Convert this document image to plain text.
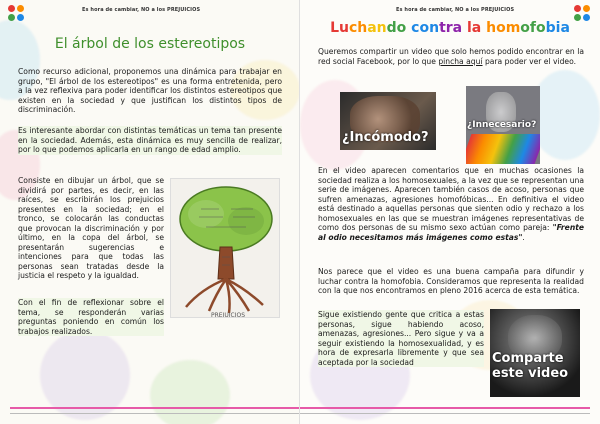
Es hora de cambiar, NO a los PREJUICIOS
El árbol de los estereotipos

Como recurso adicional, proponemos una dinámica para trabajar en grupo, "El árbol de los estereotipos" es una forma entretenida, pero a la vez reflexiva para poder identificar los distintos estereotipos que existen en la sociedad y que justifican los distintos tipos de discriminación.

Es interesante abordar con distintas temáticas un tema tan presente en la sociedad. Además, esta dinámica es muy sencilla de realizar, por lo que podemos aplicarla en un rango de edad amplio.

Consiste en dibujar un árbol, que se dividirá por partes, es decir, en las raíces, se escribirán los prejuicios presentes en la sociedad; en el tronco, se colocarán las conductas que provocan la discriminación y por último, en la copa del árbol, se presentarán sugerencias e intenciones para que todas las personas sean tratadas desde la justicia el respeto y la igualdad.

Con el fin de reflexionar sobre el tema, se responderán varias preguntas poniendo en común los trabajos realizados.

PREJUICIOS
Es hora de cambiar, NO a los PREJUICIOS
Luchando contra la homofobia

Queremos compartir un video que solo hemos podido encontrar en la red social Facebook, por lo que pincha aquí para poder ver el video.

¿Incómodo?
¿Innecesario?

En el video aparecen comentarios que en muchas ocasiones la sociedad realiza a los homosexuales, a la vez que se representan una serie de imágenes. Aparecen también casos de acoso, personas que sufren amenazas, agresiones homofóbicas... En definitiva el video está destinado a aquellas personas que sienten odio y rechazo a los homosexuales en las que se muestran imágenes representativas de como dos personas de su mismo sexo actúan como pareja: "Frente al odio necesitamos más imágenes como estas".

Nos parece que el video es una buena campaña para difundir y luchar contra la homofobia. Consideramos que representa la realidad con la que nos encontramos en pleno 2016 acerca de esta temática.

Sigue existiendo gente que critica a estas personas, sigue habiendo acoso, amenazas, agresiones... Pero sigue y va a seguir existiendo la homosexualidad, y es hora de expresarla libremente y que sea aceptada por la sociedad	Comparte
este video
